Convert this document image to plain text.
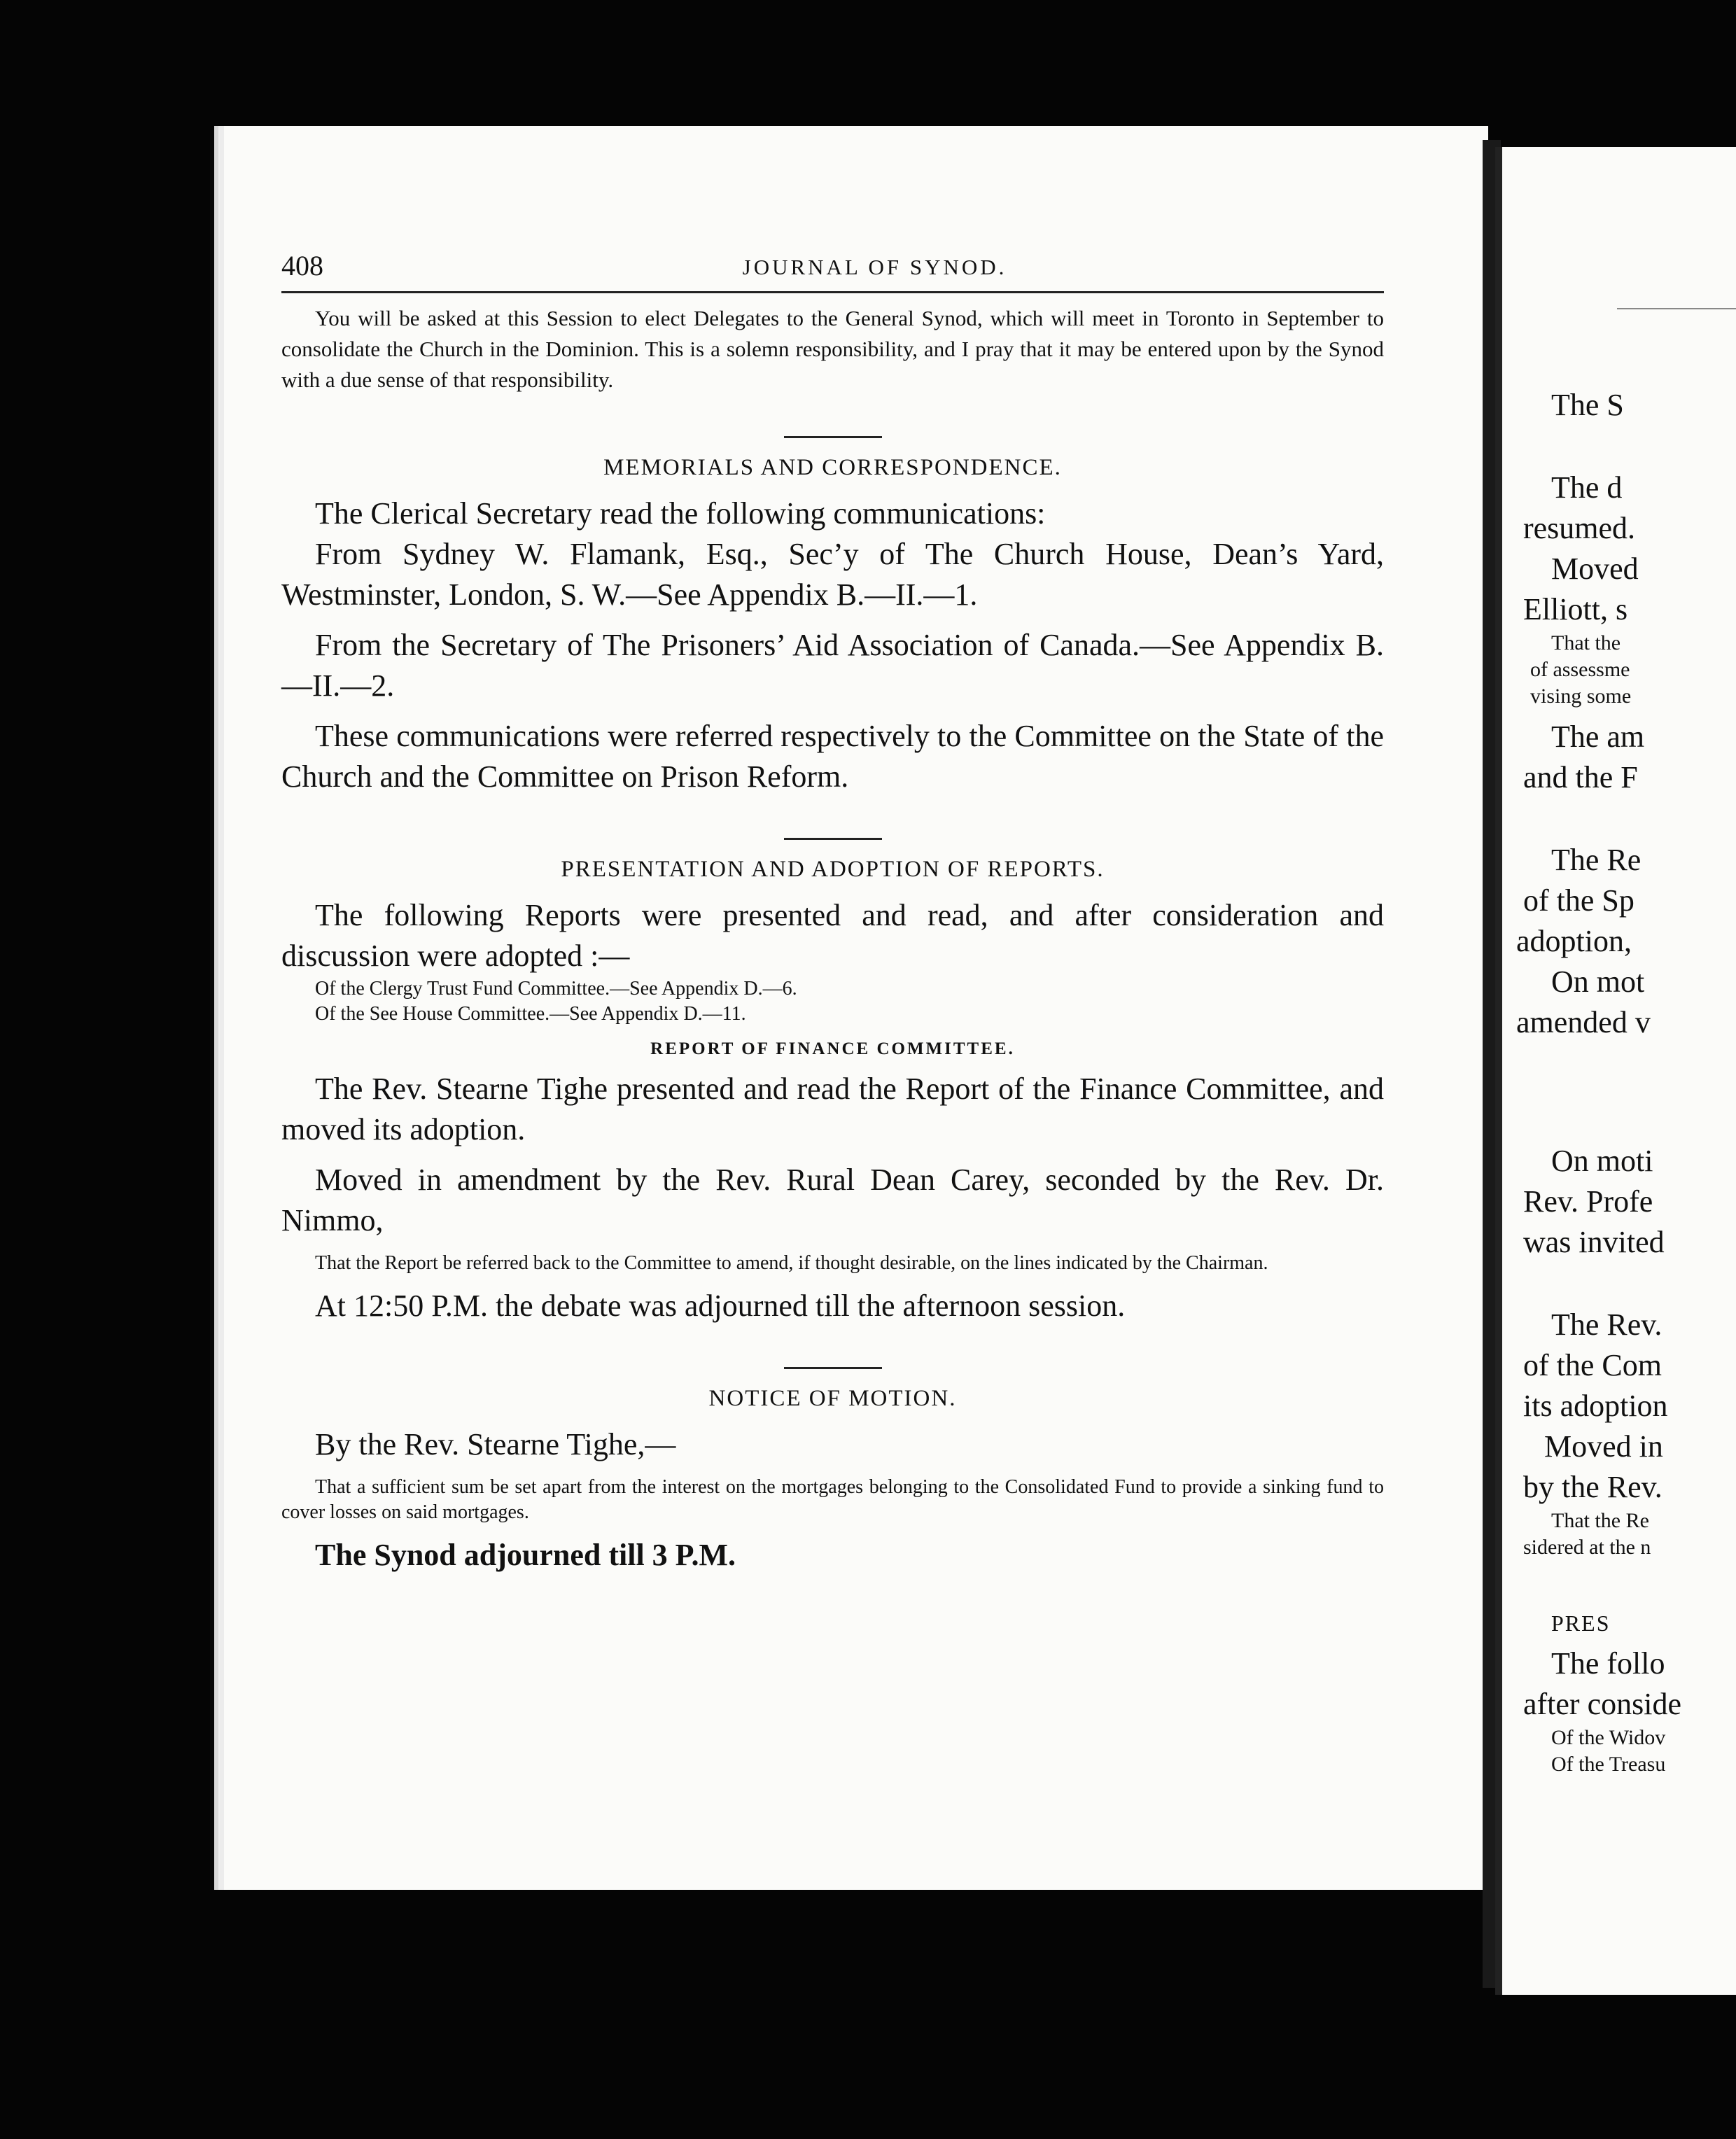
408	JOURNAL OF SYNOD.

You will be asked at this Session to elect Delegates to the General Synod, which will meet in Toronto in September to consolidate the Church in the Dominion. This is a solemn responsibility, and I pray that it may be entered upon by the Synod with a due sense of that responsibility.

MEMORIALS AND CORRESPONDENCE.

The Clerical Secretary read the following communications:

From Sydney W. Flamank, Esq., Sec’y of The Church House, Dean’s Yard, Westminster, London, S. W.—See Appendix B.—II.—1.

From the Secretary of The Prisoners’ Aid Association of Canada.—See Appendix B.—II.—2.

These communications were referred respectively to the Committee on the State of the Church and the Committee on Prison Reform.

PRESENTATION AND ADOPTION OF REPORTS.

The following Reports were presented and read, and after consideration and discussion were adopted :—

Of the Clergy Trust Fund Committee.—See Appendix D.—6.

Of the See House Committee.—See Appendix D.—11.

REPORT OF FINANCE COMMITTEE.

The Rev. Stearne Tighe presented and read the Report of the Finance Committee, and moved its adoption.

Moved in amendment by the Rev. Rural Dean Carey, seconded by the Rev. Dr. Nimmo,

That the Report be referred back to the Committee to amend, if thought desirable, on the lines indicated by the Chairman.

At 12:50 P.M. the debate was adjourned till the afternoon session.

NOTICE OF MOTION.

By the Rev. Stearne Tighe,—

That a sufficient sum be set apart from the interest on the mortgages belonging to the Consolidated Fund to provide a sinking fund to cover losses on said mortgages.

The Synod adjourned till 3 P.M.

The S
The d
resumed.
Moved
Elliott, s
That the
of assessme
vising some
The am
and the F
The Re
of the Sp
adoption,
On mot
amended v
On moti
Rev. Profe
was invited
The Rev.
of the Com
its adoption
Moved in
by the Rev.
That the Re
sidered at the n
PRES
The follo
after conside
Of the Widov
Of the Treasu
